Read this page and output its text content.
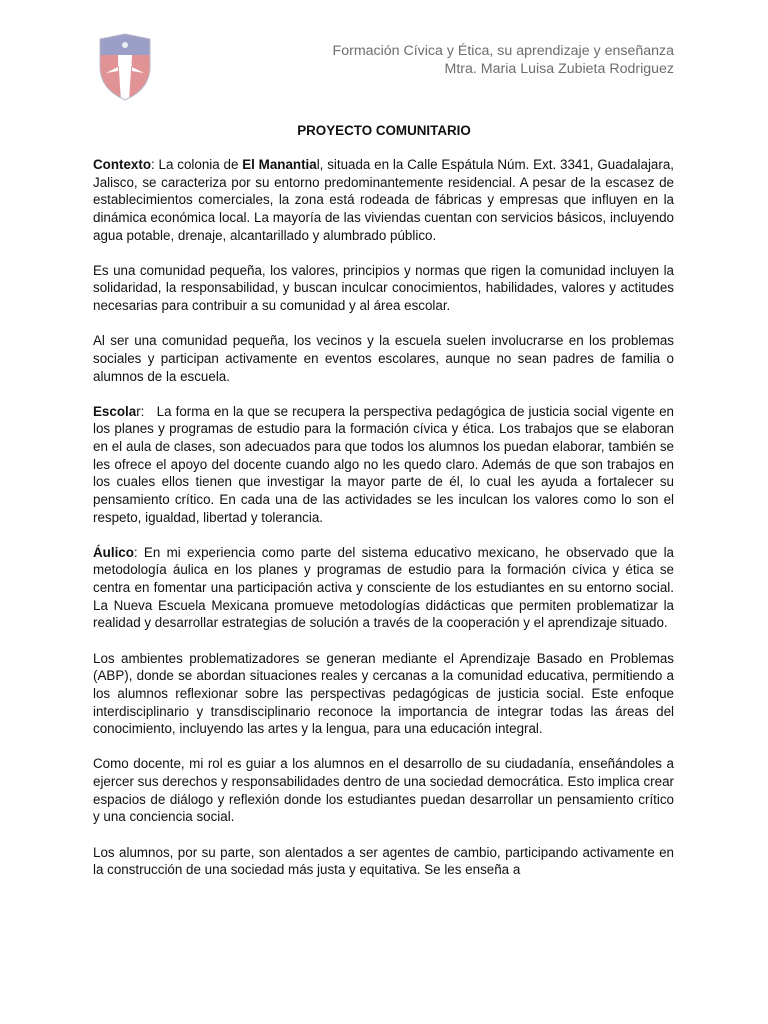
NE
Formación Cívica y Ética, su aprendizaje y enseñanza
Mtra. Maria Luisa Zubieta Rodriguez
PROYECTO COMUNITARIO

Contexto: La colonia de El Manantial, situada en la Calle Espátula Núm. Ext. 3341, Guadalajara, Jalisco, se caracteriza por su entorno predominantemente residencial. A pesar de la escasez de establecimientos comerciales, la zona está rodeada de fábricas y empresas que influyen en la dinámica económica local. La mayoría de las viviendas cuentan con servicios básicos, incluyendo agua potable, drenaje, alcantarillado y alumbrado público.

Es una comunidad pequeña, los valores, principios y normas que rigen la comunidad incluyen la solidaridad, la responsabilidad, y buscan inculcar conocimientos, habilidades, valores y actitudes necesarias para contribuir a su comunidad y al área escolar.

Al ser una comunidad pequeña, los vecinos y la escuela suelen involucrarse en los problemas sociales y participan activamente en eventos escolares, aunque no sean padres de familia o alumnos de la escuela.

Escolar:   La forma en la que se recupera la perspectiva pedagógica de justicia social vigente en los planes y programas de estudio para la formación cívica y ética. Los trabajos que se elaboran en el aula de clases, son adecuados para que todos los alumnos los puedan elaborar, también se les ofrece el apoyo del docente cuando algo no les quedo claro. Además de que son trabajos en los cuales ellos tienen que investigar la mayor parte de él, lo cual les ayuda a fortalecer su pensamiento crítico. En cada una de las actividades se les inculcan los valores como lo son el respeto, igualdad, libertad y tolerancia.

Áulico: En mi experiencia como parte del sistema educativo mexicano, he observado que la metodología áulica en los planes y programas de estudio para la formación cívica y ética se centra en fomentar una participación activa y consciente de los estudiantes en su entorno social. La Nueva Escuela Mexicana promueve metodologías didácticas que permiten problematizar la realidad y desarrollar estrategias de solución a través de la cooperación y el aprendizaje situado.

Los ambientes problematizadores se generan mediante el Aprendizaje Basado en Problemas (ABP), donde se abordan situaciones reales y cercanas a la comunidad educativa, permitiendo a los alumnos reflexionar sobre las perspectivas pedagógicas de justicia social. Este enfoque interdisciplinario y transdisciplinario reconoce la importancia de integrar todas las áreas del conocimiento, incluyendo las artes y la lengua, para una educación integral.

Como docente, mi rol es guiar a los alumnos en el desarrollo de su ciudadanía, enseñándoles a ejercer sus derechos y responsabilidades dentro de una sociedad democrática. Esto implica crear espacios de diálogo y reflexión donde los estudiantes puedan desarrollar un pensamiento crítico y una conciencia social.

Los alumnos, por su parte, son alentados a ser agentes de cambio, participando activamente en la construcción de una sociedad más justa y equitativa. Se les enseña a
